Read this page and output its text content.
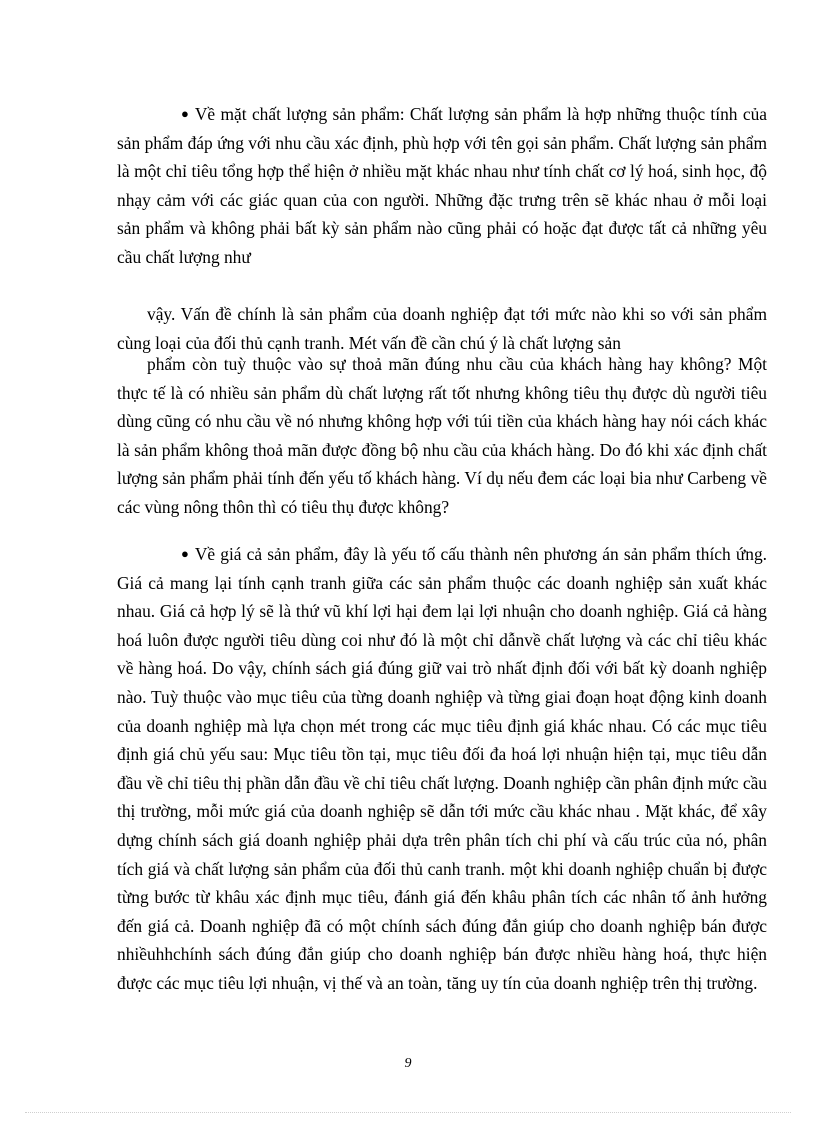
● Về mặt chất lượng sản phẩm: Chất lượng sản phẩm là hợp những thuộc tính của sản phẩm đáp ứng với nhu cầu xác định, phù hợp với tên gọi sản phẩm. Chất lượng sản phẩm là một chỉ tiêu tổng hợp thể hiện ở nhiều mặt khác nhau như tính chất cơ lý hoá, sinh học, độ nhạy cảm với các giác quan của con người. Những đặc trưng trên sẽ khác nhau ở mỗi loại sản phẩm và không phải bất kỳ sản phẩm nào cũng phải có hoặc đạt được tất cả những yêu cầu chất lượng như

vậy. Vấn đề chính là sản phẩm của doanh nghiệp đạt tới mức nào khi so với sản phẩm cùng loại của đối thủ cạnh tranh. Mét vấn đề cần chú ý là chất lượng sản

phẩm còn tuỳ thuộc vào sự thoả mãn đúng nhu cầu của khách hàng hay không? Một thực tế là có nhiều sản phẩm dù chất lượng rất tốt nhưng không tiêu thụ được dù người tiêu dùng cũng có nhu cầu về nó nhưng không hợp với túi tiền của khách hàng hay nói cách khác là sản phẩm không thoả mãn được đồng bộ nhu cầu của khách hàng. Do đó khi xác định chất lượng sản phẩm phải tính đến yếu tố khách hàng. Ví dụ nếu đem các loại bia như Carbeng về các vùng nông thôn thì có tiêu thụ được không?

● Về giá cả sản phẩm, đây là yếu tố cấu thành nên phương án sản phẩm thích ứng. Giá cả mang lại tính cạnh tranh giữa các sản phẩm thuộc các doanh nghiệp sản xuất khác nhau. Giá cả hợp lý sẽ là thứ vũ khí lợi hại đem lại lợi nhuận cho doanh nghiệp. Giá cả hàng hoá luôn được người tiêu dùng coi như đó là một chỉ dẫnvề chất lượng và các chỉ tiêu khác về hàng hoá. Do vậy, chính sách giá đúng giữ vai trò nhất định đối với bất kỳ doanh nghiệp nào. Tuỳ thuộc vào mục tiêu của từng doanh nghiệp và từng giai đoạn hoạt động kinh doanh của doanh nghiệp mà lựa chọn mét trong các mục tiêu định giá khác nhau. Có các mục tiêu định giá chủ yếu sau: Mục tiêu tồn tại, mục tiêu đối đa hoá lợi nhuận hiện tại, mục tiêu dẫn đầu về chỉ tiêu thị phần dẫn đầu về chỉ tiêu chất lượng. Doanh nghiệp cần phân định mức cầu thị trường, mỗi mức giá của doanh nghiệp sẽ dẫn tới mức cầu khác nhau . Mặt khác, để xây dựng chính sách giá doanh nghiệp phải dựa trên phân tích chi phí và cấu trúc của nó, phân tích giá và chất lượng sản phẩm của đối thủ canh tranh. một khi doanh nghiệp chuẩn bị được từng bước từ khâu xác định mục tiêu, đánh giá đến khâu phân tích các nhân tố ảnh hưởng đến giá cả. Doanh nghiệp đã có một chính sách đúng đắn giúp cho doanh nghiệp bán được nhiềuhhchính sách đúng đắn giúp cho doanh nghiệp bán được nhiều hàng hoá, thực hiện được các mục tiêu lợi nhuận, vị thế và an toàn, tăng uy tín của doanh nghiệp trên thị trường.

9
